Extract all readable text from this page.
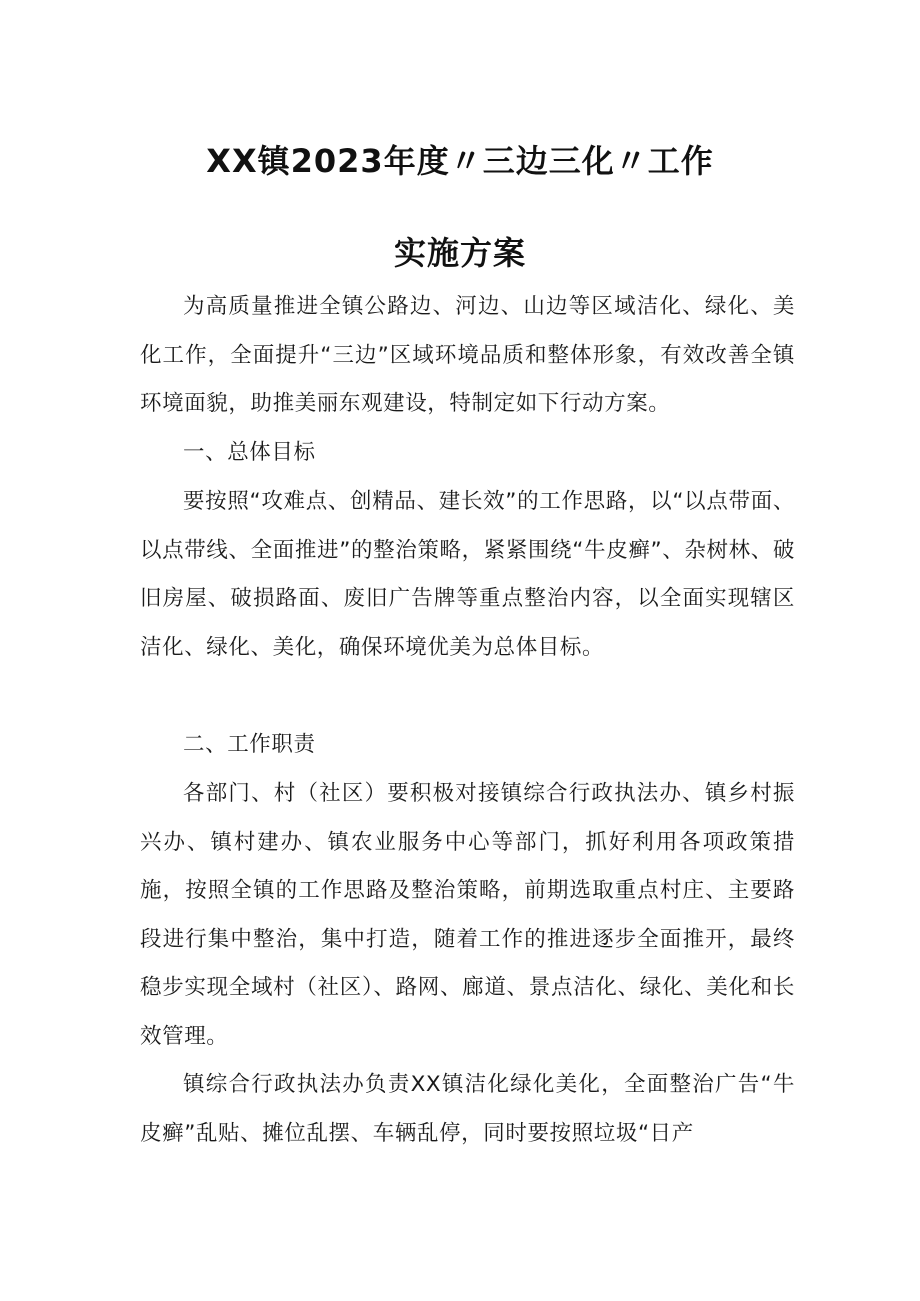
XX镇2023年度〃三边三化〃工作
实施方案

为高质量推进全镇公路边、河边、山边等区域洁化、绿化、美化工作，全面提升“三边”区域环境品质和整体形象，有效改善全镇环境面貌，助推美丽东观建设，特制定如下行动方案。

一、总体目标

要按照“攻难点、创精品、建长效”的工作思路，以“以点带面、以点带线、全面推进”的整治策略，紧紧围绕“牛皮癣”、杂树林、破旧房屋、破损路面、废旧广告牌等重点整治内容，以全面实现辖区洁化、绿化、美化，确保环境优美为总体目标。

二、工作职责

各部门、村（社区）要积极对接镇综合行政执法办、镇乡村振兴办、镇村建办、镇农业服务中心等部门，抓好利用各项政策措施，按照全镇的工作思路及整治策略，前期选取重点村庄、主要路段进行集中整治，集中打造，随着工作的推进逐步全面推开，最终稳步实现全域村（社区）、路网、廊道、景点洁化、绿化、美化和长效管理。

镇综合行政执法办负责XX镇洁化绿化美化，全面整治广告“牛皮癣”乱贴、摊位乱摆、车辆乱停，同时要按照垃圾“日产
